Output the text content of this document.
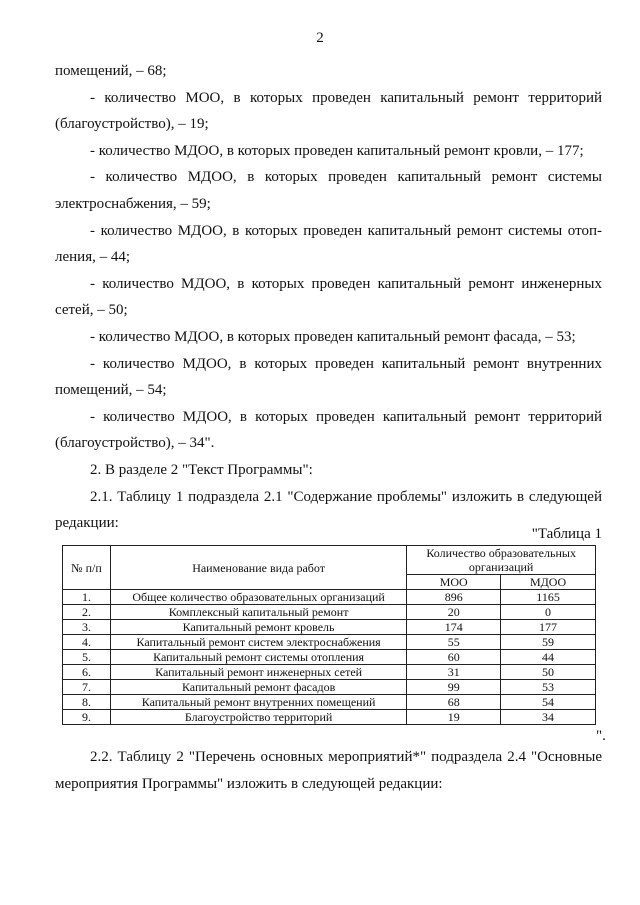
2

помещений, – 68;

- количество МОО, в которых проведен капитальный ремонт территорий (благоустройство), – 19;

- количество МДОО, в которых проведен капитальный ремонт кровли, – 177;

- количество МДОО, в которых проведен капитальный ремонт системы электроснабжения, – 59;

- количество МДОО, в которых проведен капитальный ремонт системы отоп-ления, – 44;

- количество МДОО, в которых проведен капитальный ремонт инженерных сетей, – 50;

- количество МДОО, в которых проведен капитальный ремонт фасада, – 53;

- количество МДОО, в которых проведен капитальный ремонт внутренних помещений, – 54;

- количество МДОО, в которых проведен капитальный ремонт территорий (благоустройство), – 34".

2. В разделе 2 "Текст Программы":

2.1. Таблицу 1 подраздела 2.1 "Содержание проблемы" изложить в следующей редакции:

"Таблица 1
№ п/п	Наименование вида работ	Количество образовательных организаций	
		МОО	МДОО
1.	Общее количество образовательных организаций	896	1165
2.	Комплексный капитальный ремонт	20	0
3.	Капитальный ремонт кровель	174	177
4.	Капитальный ремонт систем электроснабжения	55	59
5.	Капитальный ремонт системы отопления	60	44
6.	Капитальный ремонт инженерных сетей	31	50
7.	Капитальный ремонт фасадов	99	53
8.	Капитальный ремонт внутренних помещений	68	54
9.	Благоустройство территорий	19	34
".

2.2. Таблицу 2 "Перечень основных мероприятий*" подраздела 2.4 "Основные мероприятия Программы" изложить в следующей редакции:
